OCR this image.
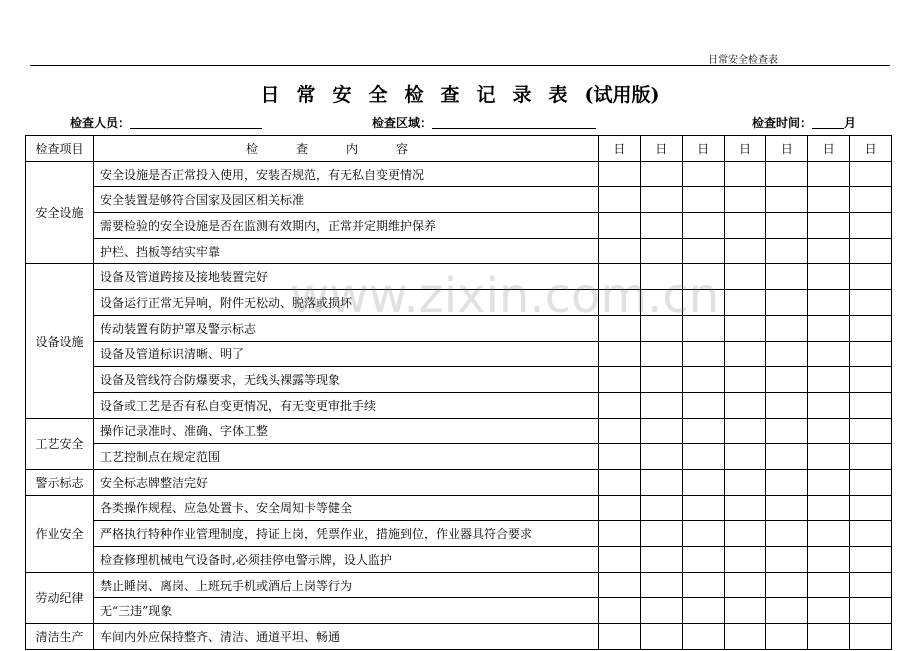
日常安全检查表
日常安全检查记录表(试用版)
检查人员：	检查区域：	检查时间：	月
检查项目	检查内容	日	日	日	日	日	日	日
安全设施	安全设施是否正常投入使用，安装否规范，有无私自变更情况							
	安全装置是够符合国家及园区相关标准							
	需要检验的安全设施是否在监测有效期内，正常并定期维护保养							
	护栏、挡板等结实牢靠							
设备设施	设备及管道跨接及接地装置完好							
	设备运行正常无异响，附件无松动、脱落或损坏							
	传动装置有防护罩及警示标志							
	设备及管道标识清晰、明了							
	设备及管线符合防爆要求，无线头裸露等现象							
	设备或工艺是否有私自变更情况，有无变更审批手续							
工艺安全	操作记录准时、准确、字体工整							
	工艺控制点在规定范围							
警示标志	安全标志牌整洁完好							
作业安全	各类操作规程、应急处置卡、安全周知卡等健全							
	严格执行特种作业管理制度，持证上岗，凭票作业，措施到位，作业器具符合要求							
	检查修理机械电气设备时,必须挂停电警示牌，设人监护							
劳动纪律	禁止睡岗、离岗、上班玩手机或酒后上岗等行为							
	无“三违”现象							
清洁生产	车间内外应保持整齐、清洁、通道平坦、畅通							
www.zixin.com.cn
